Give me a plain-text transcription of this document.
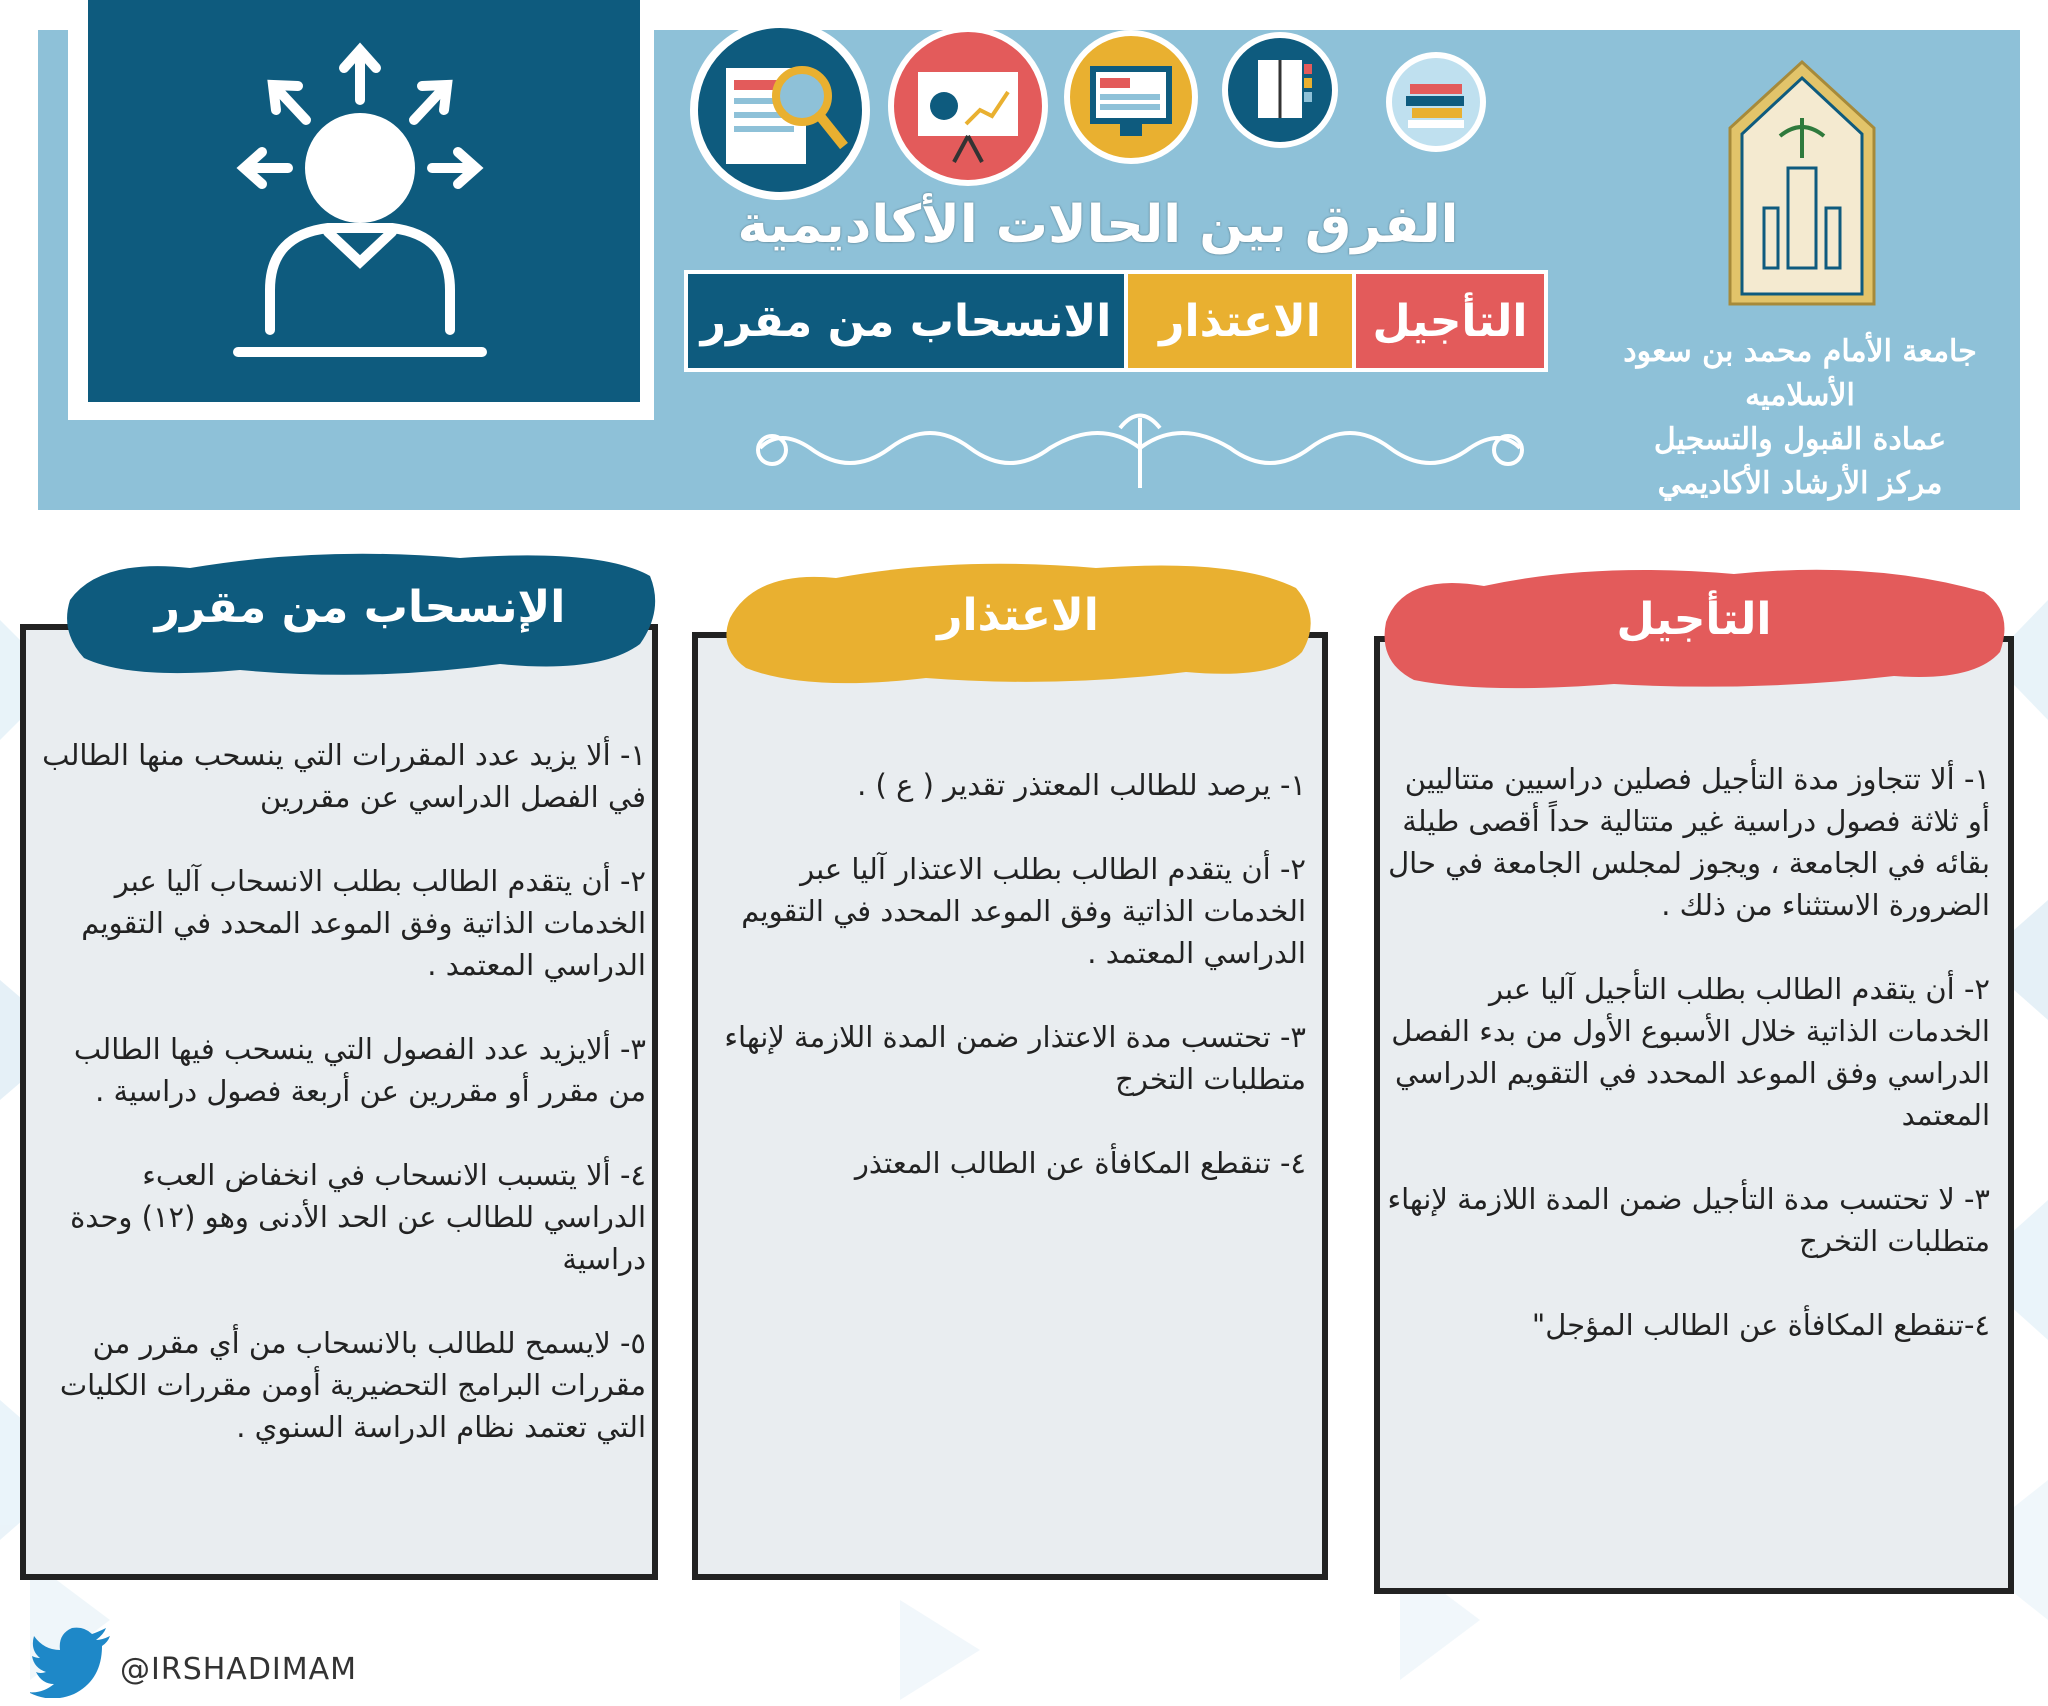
الفرق بين الحالات الأكاديمية
التأجيل
الاعتذار
الانسحاب من مقرر
جامعة الأمام محمد بن سعود الأسلاميه
عمادة القبول والتسجيل
مركز الأرشاد الأكاديمي
التأجيل

١- ألا تتجاوز مدة التأجيل فصلين دراسيين متتاليين أو ثلاثة فصول دراسية غير متتالية حداً أقصى طيلة بقائه في الجامعة ، ويجوز لمجلس الجامعة في حال الضرورة الاستثناء من ذلك .

٢- أن يتقدم الطالب بطلب التأجيل آليا عبر الخدمات الذاتية خلال الأسبوع الأول من بدء الفصل الدراسي وفق الموعد المحدد في التقويم الدراسي المعتمد

٣- لا تحتسب مدة التأجيل ضمن المدة اللازمة لإنهاء متطلبات التخرج

٤-تنقطع المكافأة عن الطالب المؤجل"

الاعتذار

١- يرصد للطالب المعتذر تقدير ( ع ) .

٢- أن يتقدم الطالب بطلب الاعتذار آليا عبر الخدمات الذاتية وفق الموعد المحدد في التقويم الدراسي المعتمد .

٣- تحتسب مدة الاعتذار ضمن المدة اللازمة لإنهاء متطلبات التخرج

٤- تنقطع المكافأة عن الطالب المعتذر

الإنسحاب من مقرر

١- ألا يزيد عدد المقررات التي ينسحب منها الطالب في الفصل الدراسي عن مقررين

٢- أن يتقدم الطالب بطلب الانسحاب آليا عبر الخدمات الذاتية وفق الموعد المحدد في التقويم الدراسي المعتمد .

٣- ألايزيد عدد الفصول التي ينسحب فيها الطالب من مقرر أو مقررين عن أربعة فصول دراسية .

٤- ألا يتسبب الانسحاب في انخفاض العبء الدراسي للطالب عن الحد الأدنى وهو (١٢) وحدة دراسية

٥- لايسمح للطالب بالانسحاب من أي مقرر من مقررات البرامج التحضيرية أومن مقررات الكليات التي تعتمد نظام الدراسة السنوي .

@IRSHADIMAM
